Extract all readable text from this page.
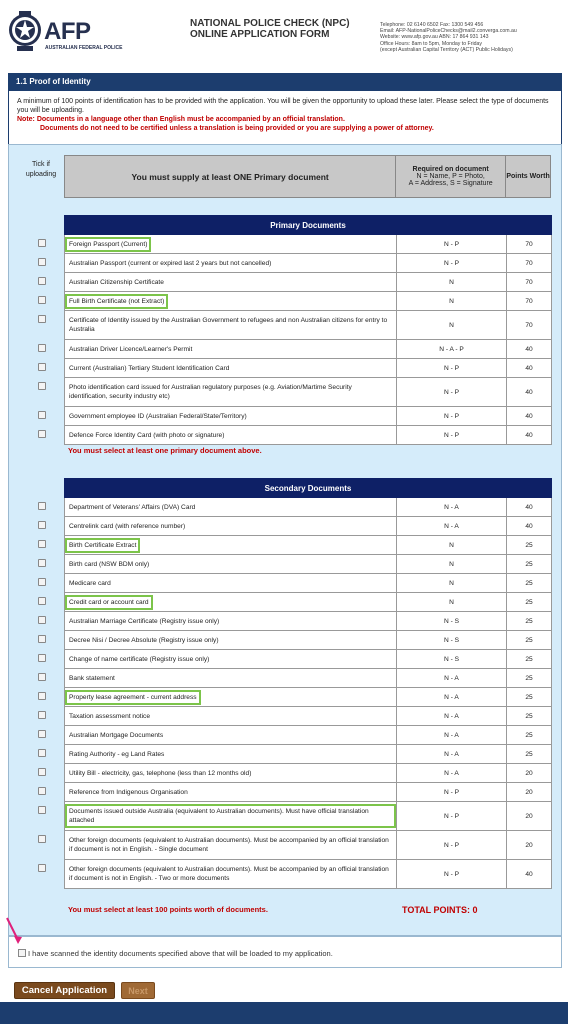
AFP
AUSTRALIAN FEDERAL POLICE
NATIONAL POLICE CHECK (NPC)
ONLINE APPLICATION FORM
Telephone: 02 6140 6502 Fax: 1300 549 456
Email: AFP-NationalPoliceChecks@mail2.converga.com.au
Website: www.afp.gov.au ABN: 17 864 931 143
Office Hours: 8am to 5pm, Monday to Friday
(except Australian Capital Territory (ACT) Public Holidays)
1.1 Proof of Identity
A minimum of 100 points of identification has to be provided with the application. You will be given the opportunity to upload these later. Please select the type of documents you will be uploading.
Note: Documents in a language other than English must be accompanied by an official translation.
Documents do not need to be certified unless a translation is being provided or you are supplying a power of attorney.
Tick if uploading	You must supply at least ONE Primary document	
Required on document
N = Name, P = Photo,
A = Address, S = Signature
	Points Worth
Primary Documents		
Foreign Passport (Current)	N - P	70
Australian Passport (current or expired last 2 years but not cancelled)	N - P	70
Australian Citizenship Certificate	N	70
Full Birth Certificate (not Extract)	N	70
Certificate of Identity issued by the Australian Government to refugees and non Australian citizens for entry to Australia	N	70
Australian Driver Licence/Learner's Permit	N - A - P	40
Current (Australian) Tertiary Student Identification Card	N - P	40
Photo identification card issued for Australian regulatory purposes (e.g. Aviation/Martime Security identification, security industry etc)	N - P	40
Government employee ID (Australian Federal/State/Territory)	N - P	40
Defence Force Identity Card (with photo or signature)	N - P	40
You must select at least one primary document above.
Secondary Documents		
Department of Veterans' Affairs (DVA) Card	N - A	40
Centrelink card (with reference number)	N - A	40
Birth Certificate Extract	N	25
Birth card (NSW BDM only)	N	25
Medicare card	N	25
Credit card or account card	N	25
Australian Marriage Certificate (Registry issue only)	N - S	25
Decree Nisi / Decree Absolute (Registry issue only)	N - S	25
Change of name certificate (Registry issue only)	N - S	25
Bank statement	N - A	25
Property lease agreement - current address	N - A	25
Taxation assessment notice	N - A	25
Australian Mortgage Documents	N - A	25
Rating Authority - eg Land Rates	N - A	25
Utility Bill - electricity, gas, telephone (less than 12 months old)	N - A	20
Reference from Indigenous Organisation	N - P	20
Documents issued outside Australia (equivalent to Australian documents). Must have official translation attached	N - P	20
Other foreign documents (equivalent to Australian documents). Must be accompanied by an official translation if document is not in English. - Single document	N - P	20
Other foreign documents (equivalent to Australian documents). Must be accompanied by an official translation if document is not in English. - Two or more documents	N - P	40
You must select at least 100 points worth of documents.	TOTAL POINTS: 0
I have scanned the identity documents specified above that will be loaded to my application.
Cancel Application	Next
